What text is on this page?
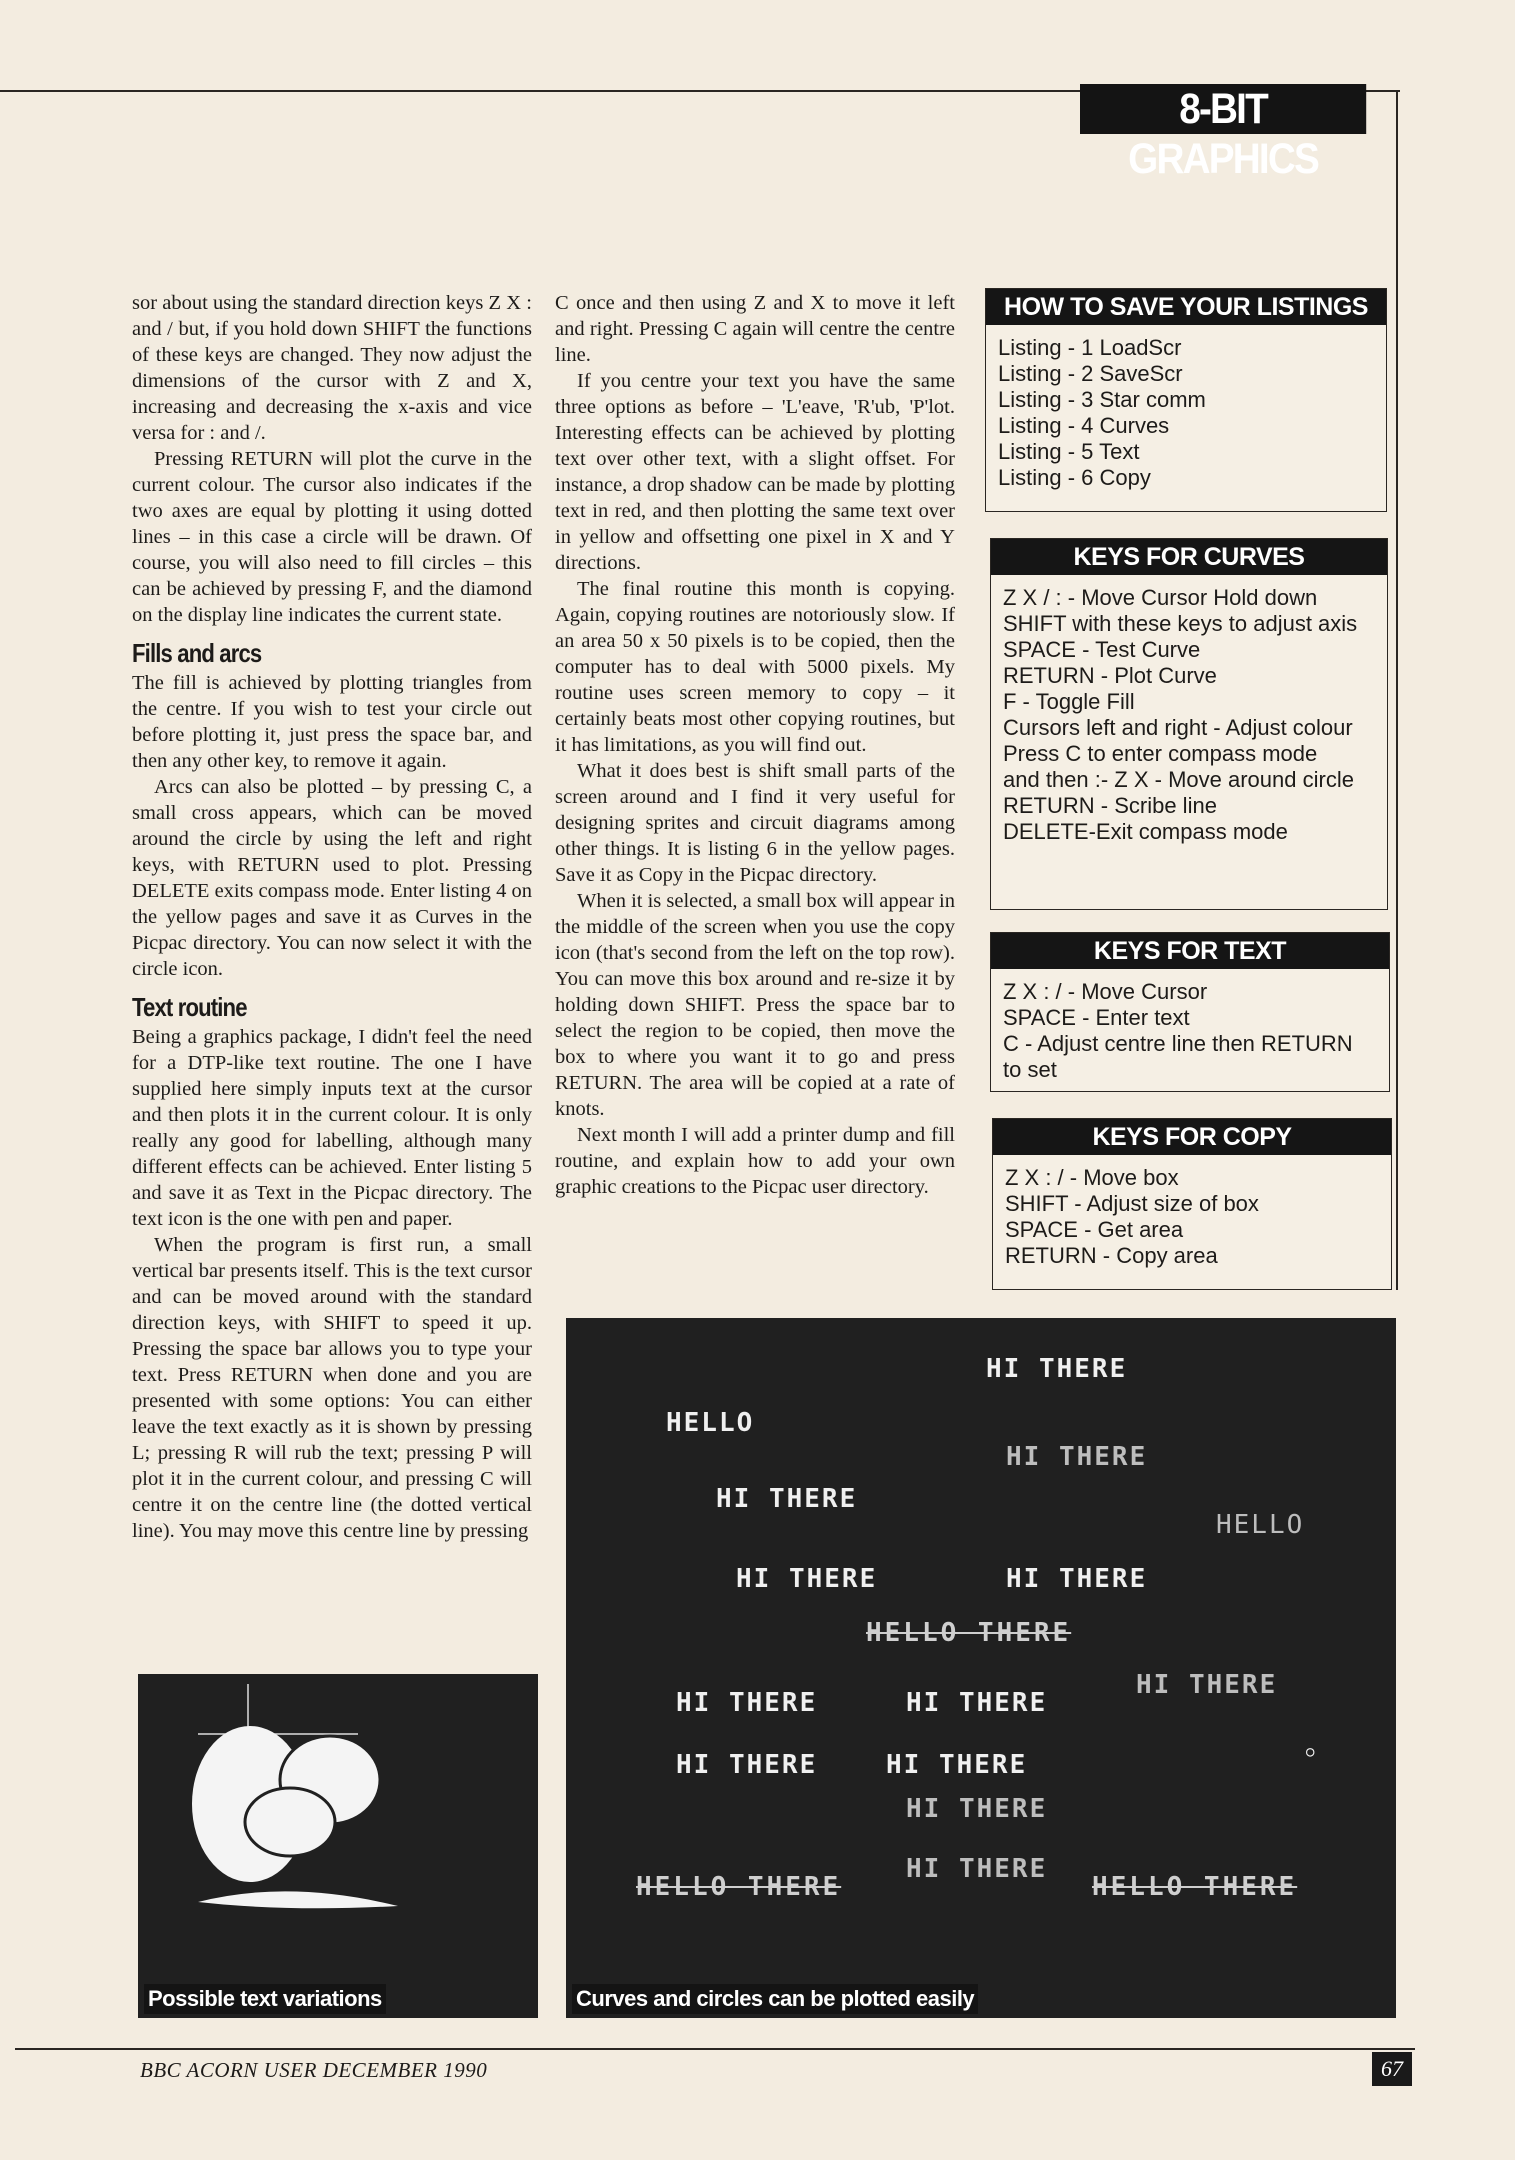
8-BIT GRAPHICS

sor about using the standard direction keys Z X : and / but, if you hold down SHIFT the functions of these keys are changed. They now adjust the dimensions of the cursor with Z and X, increasing and decreasing the x-axis and vice versa for : and /.

Pressing RETURN will plot the curve in the current colour. The cursor also indicates if the two axes are equal by plotting it using dotted lines – in this case a circle will be drawn. Of course, you will also need to fill circles – this can be achieved by pressing F, and the diamond on the display line indicates the current state.

Fills and arcs

The fill is achieved by plotting triangles from the centre. If you wish to test your circle out before plotting it, just press the space bar, and then any other key, to remove it again.

Arcs can also be plotted – by pressing C, a small cross appears, which can be moved around the circle by using the left and right keys, with RETURN used to plot. Pressing DELETE exits compass mode. Enter listing 4 on the yellow pages and save it as Curves in the Picpac directory. You can now select it with the circle icon.

Text routine

Being a graphics package, I didn't feel the need for a DTP-like text routine. The one I have supplied here simply inputs text at the cursor and then plots it in the current colour. It is only really any good for labelling, although many different effects can be achieved. Enter listing 5 and save it as Text in the Picpac directory. The text icon is the one with pen and paper.

When the program is first run, a small vertical bar presents itself. This is the text cursor and can be moved around with the standard direction keys, with SHIFT to speed it up. Pressing the space bar allows you to type your text. Press RETURN when done and you are presented with some options: You can either leave the text exactly as it is shown by pressing L; pressing R will rub the text; pressing P will plot it in the current colour, and pressing C will centre it on the centre line (the dotted vertical line). You may move this centre line by pressing

C once and then using Z and X to move it left and right. Pressing C again will centre the centre line.

If you centre your text you have the same three options as before – 'L'eave, 'R'ub, 'P'lot. Interesting effects can be achieved by plotting text over other text, with a slight offset. For instance, a drop shadow can be made by plotting text in red, and then plotting the same text over in yellow and offsetting one pixel in X and Y directions.

The final routine this month is copying. Again, copying routines are notoriously slow. If an area 50 x 50 pixels is to be copied, then the computer has to deal with 5000 pixels. My routine uses screen memory to copy – it certainly beats most other copying routines, but it has limitations, as you will find out.

What it does best is shift small parts of the screen around and I find it very useful for designing sprites and circuit diagrams among other things. It is listing 6 in the yellow pages. Save it as Copy in the Picpac directory.

When it is selected, a small box will appear in the middle of the screen when you use the copy icon (that's second from the left on the top row). You can move this box around and re-size it by holding down SHIFT. Press the space bar to select the region to be copied, then move the box to where you want it to go and press RETURN. The area will be copied at a rate of knots.

Next month I will add a printer dump and fill routine, and explain how to add your own graphic creations to the Picpac user directory.

HOW TO SAVE YOUR LISTINGS
Listing - 1 LoadScr
Listing - 2 SaveScr
Listing - 3 Star comm
Listing - 4 Curves
Listing - 5 Text
Listing - 6 Copy
KEYS FOR CURVES
Z X / : - Move Cursor Hold down
SHIFT with these keys to adjust axis
SPACE - Test Curve
RETURN - Plot Curve
F - Toggle Fill
Cursors left and right - Adjust colour
Press C to enter compass mode
and then :- Z X - Move around circle
RETURN - Scribe line
DELETE-Exit compass mode
KEYS FOR TEXT
Z X : / - Move Cursor
SPACE - Enter text
C - Adjust centre line then RETURN to set
KEYS FOR COPY
Z X : / - Move box
SHIFT - Adjust size of box
SPACE - Get area
RETURN - Copy area
Possible text variations
HI THERE
HELLO
HI THERE
HI THERE
HELLO
HI THERE	HI THERE
HELLO THERE
HI THERE
HI THERE	HI THERE
HI THERE	HI THERE
HI THERE
HI THERE
HELLO THERE	HELLO THERE
○
Curves and circles can be plotted easily
BBC ACORN USER DECEMBER 1990	67
